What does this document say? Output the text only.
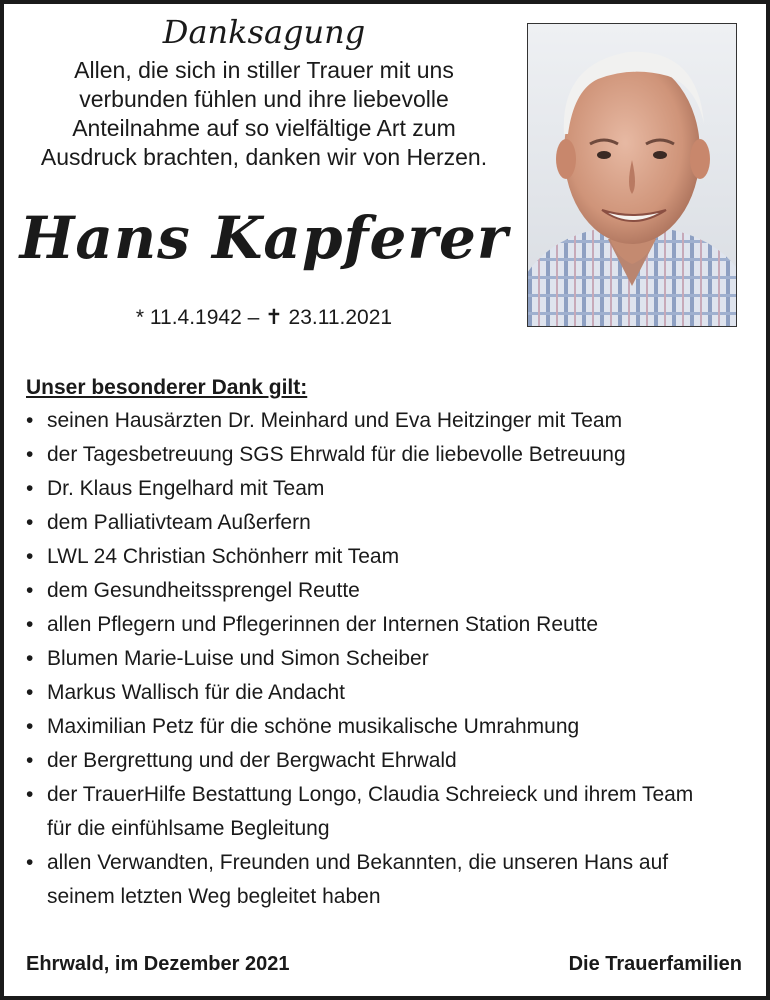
Danksagung

Allen, die sich in stiller Trauer mit uns
verbunden fühlen und ihre liebevolle
Anteilnahme auf so vielfältige Art zum
Ausdruck brachten, danken wir von Herzen.

Hans Kapferer
* 11.4.1942 – ✝ 23.11.2021
Unser besonderer Dank gilt:
• seinen Hausärzten Dr. Meinhard und Eva Heitzinger mit Team
• der Tagesbetreuung SGS Ehrwald für die liebevolle Betreuung
• Dr. Klaus Engelhard mit Team
• dem Palliativteam Außerfern
• LWL 24 Christian Schönherr mit Team
• dem Gesundheitssprengel Reutte
• allen Pflegern und Pflegerinnen der Internen Station Reutte
• Blumen Marie-Luise und Simon Scheiber
• Markus Wallisch für die Andacht
• Maximilian Petz für die schöne musikalische Umrahmung
• der Bergrettung und der Bergwacht Ehrwald
• der TrauerHilfe Bestattung Longo, Claudia Schreieck und ihrem Team
für die einfühlsame Begleitung
• allen Verwandten, Freunden und Bekannten, die unseren Hans auf
seinem letzten Weg begleitet haben
Ehrwald, im Dezember 2021	Die Trauerfamilien
